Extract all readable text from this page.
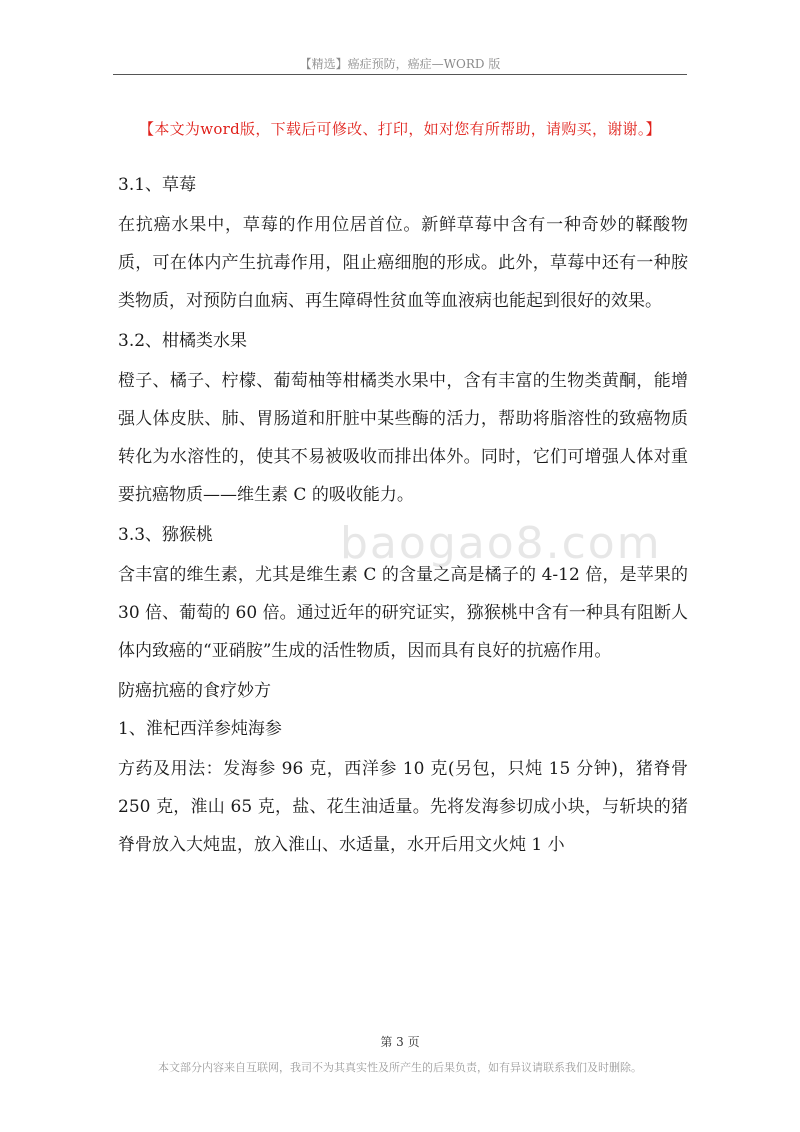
【精选】癌症预防，癌症—WORD 版
【本文为word版，下载后可修改、打印，如对您有所帮助，请购买，谢谢。】
3.1、草莓
在抗癌水果中，草莓的作用位居首位。新鲜草莓中含有一种奇妙的鞣酸物质，可在体内产生抗毒作用，阻止癌细胞的形成。此外，草莓中还有一种胺类物质，对预防白血病、再生障碍性贫血等血液病也能起到很好的效果。
3.2、柑橘类水果
橙子、橘子、柠檬、葡萄柚等柑橘类水果中，含有丰富的生物类黄酮，能增强人体皮肤、肺、胃肠道和肝脏中某些酶的活力，帮助将脂溶性的致癌物质转化为水溶性的，使其不易被吸收而排出体外。同时，它们可增强人体对重要抗癌物质——维生素 C 的吸收能力。
3.3、猕猴桃
含丰富的维生素，尤其是维生素 C 的含量之高是橘子的 4-12 倍，是苹果的 30 倍、葡萄的 60 倍。通过近年的研究证实，猕猴桃中含有一种具有阻断人体内致癌的“亚硝胺”生成的活性物质，因而具有良好的抗癌作用。
防癌抗癌的食疗妙方
1、淮杞西洋参炖海参
方药及用法：发海参 96 克，西洋参 10 克(另包，只炖 15 分钟)，猪脊骨 250 克，淮山 65 克，盐、花生油适量。先将发海参切成小块，与斩块的猪脊骨放入大炖盅，放入淮山、水适量，水开后用文火炖 1 小
baogao8.com
第 3 页
本文部分内容来自互联网，我司不为其真实性及所产生的后果负责，如有异议请联系我们及时删除。
